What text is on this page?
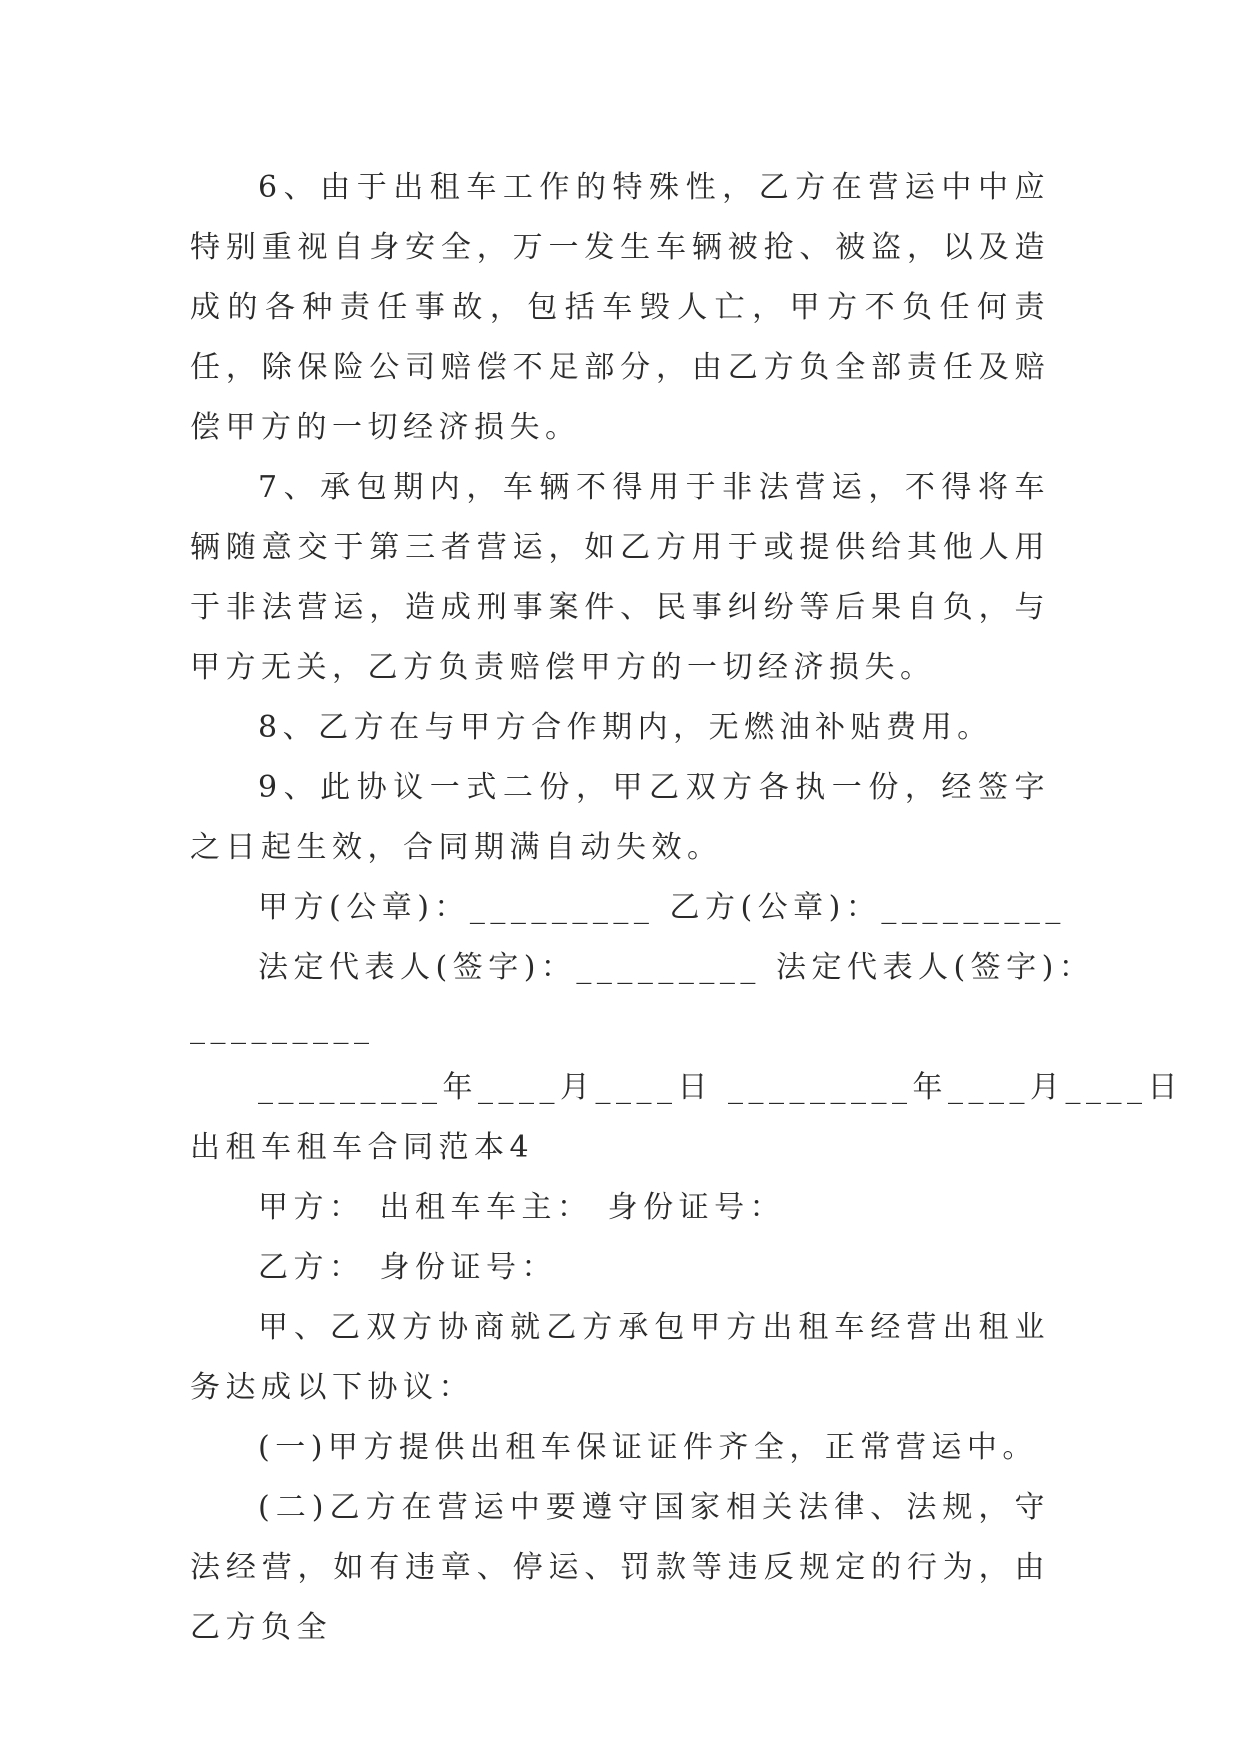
6、由于出租车工作的特殊性，乙方在营运中中应特别重视自身安全，万一发生车辆被抢、被盗，以及造成的各种责任事故，包括车毁人亡，甲方不负任何责任，除保险公司赔偿不足部分，由乙方负全部责任及赔偿甲方的一切经济损失。

7、承包期内，车辆不得用于非法营运，不得将车辆随意交于第三者营运，如乙方用于或提供给其他人用于非法营运，造成刑事案件、民事纠纷等后果自负，与甲方无关，乙方负责赔偿甲方的一切经济损失。

8、乙方在与甲方合作期内，无燃油补贴费用。

9、此协议一式二份，甲乙双方各执一份，经签字之日起生效，合同期满自动失效。

甲方(公章)：_________ 乙方(公章)：_________

法定代表人(签字)：_________ 法定代表人(签字)：

_________

_________年____月____日 _________年____月____日

出租车租车合同范本4

甲方： 出租车车主： 身份证号：

乙方： 身份证号：

甲、乙双方协商就乙方承包甲方出租车经营出租业务达成以下协议：

(一)甲方提供出租车保证证件齐全，正常营运中。

(二)乙方在营运中要遵守国家相关法律、法规，守法经营，如有违章、停运、罚款等违反规定的行为，由乙方负全
